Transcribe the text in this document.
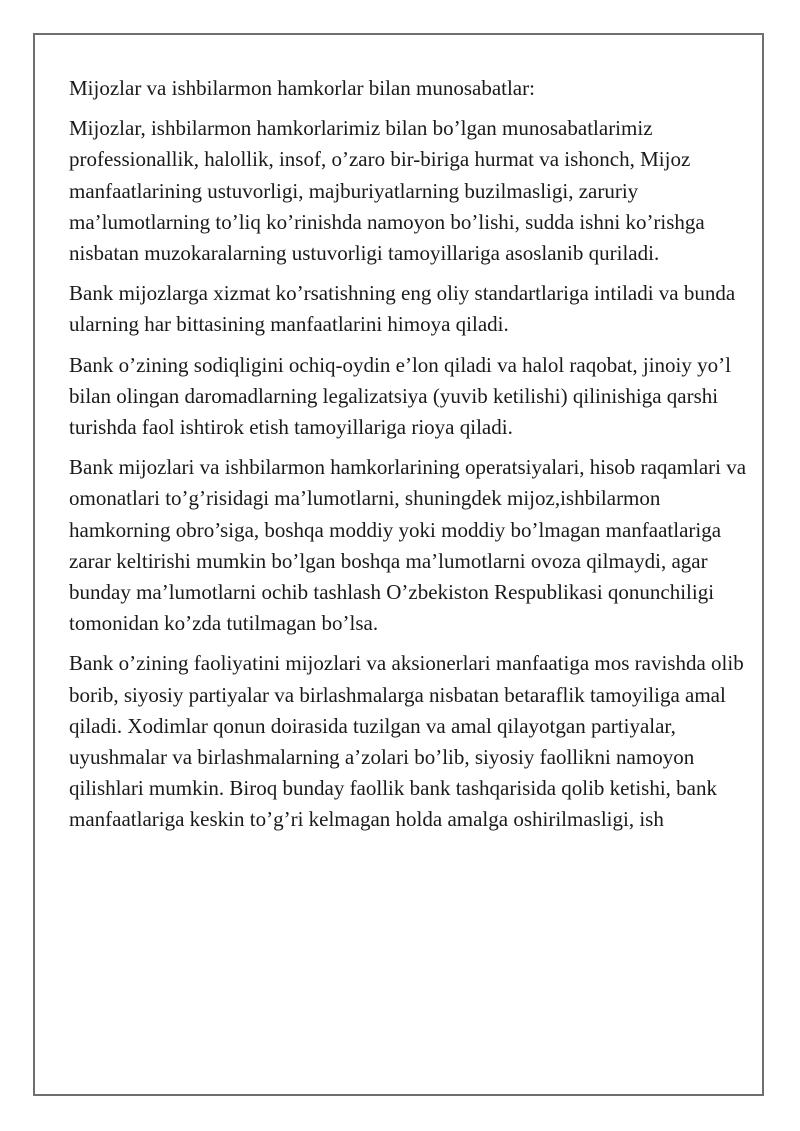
Mijozlar va ishbilarmon hamkorlar bilan munosabatlar:

Mijozlar, ishbilarmon hamkorlarimiz bilan bo’lgan munosabatlarimiz professionallik, halollik, insof, o’zaro bir-biriga hurmat va ishonch, Mijoz manfaatlarining ustuvorligi, majburiyatlarning buzilmasligi, zaruriy ma’lumotlarning to’liq ko’rinishda namoyon bo’lishi, sudda ishni ko’rishga nisbatan muzokaralarning ustuvorligi tamoyillariga asoslanib quriladi.

Bank mijozlarga xizmat ko’rsatishning eng oliy standartlariga intiladi va bunda ularning har bittasining manfaatlarini himoya qiladi.

Bank o’zining sodiqligini ochiq-oydin e’lon qiladi va halol raqobat, jinoiy yo’l bilan olingan daromadlarning legalizatsiya (yuvib ketilishi) qilinishiga qarshi turishda faol ishtirok etish tamoyillariga rioya qiladi.

Bank mijozlari va ishbilarmon hamkorlarining operatsiyalari, hisob raqamlari va omonatlari to’g’risidagi ma’lumotlarni, shuningdek mijoz,ishbilarmon hamkorning obro’siga, boshqa moddiy yoki moddiy bo’lmagan manfaatlariga zarar keltirishi mumkin bo’lgan boshqa ma’lumotlarni ovoza qilmaydi, agar bunday ma’lumotlarni ochib tashlash O’zbekiston Respublikasi qonunchiligi tomonidan ko’zda tutilmagan bo’lsa.

Bank o’zining faoliyatini mijozlari va aksionerlari manfaatiga mos ravishda olib borib, siyosiy partiyalar va birlashmalarga nisbatan betaraflik tamoyiliga amal qiladi. Xodimlar qonun doirasida tuzilgan va amal qilayotgan partiyalar, uyushmalar va birlashmalarning a’zolari bo’lib, siyosiy faollikni namoyon qilishlari mumkin. Biroq bunday faollik bank tashqarisida qolib ketishi, bank manfaatlariga keskin to’g’ri kelmagan holda amalga oshirilmasligi, ish
